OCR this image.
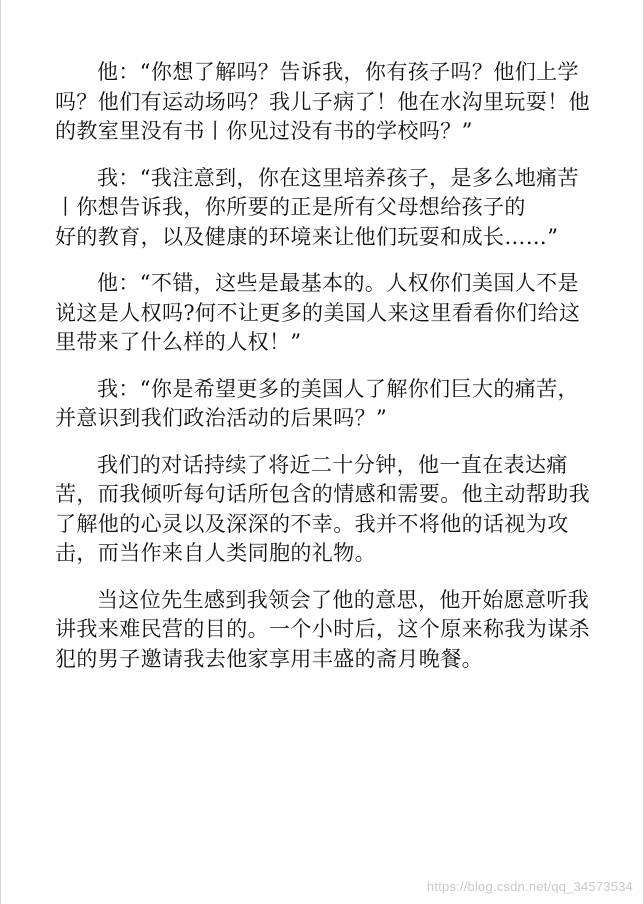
他：“你想了解吗？告诉我，你有孩子吗？他们上学吗？他们有运动场吗？我儿子病了！他在水沟里玩耍！他的教室里没有书丨你见过没有书的学校吗？”

我：“我注意到，你在这里培养孩子，是多么地痛苦丨你想告诉我，你所要的正是所有父母想给孩子的　　　好的教育，以及健康的环境来让他们玩耍和成长……”

他：“不错，这些是最基本的。人权你们美国人不是说这是人权吗?何不让更多的美国人来这里看看你们给这里带来了什么样的人权！”

我：“你是希望更多的美国人了解你们巨大的痛苦，并意识到我们政治活动的后果吗？”

我们的对话持续了将近二十分钟，他一直在表达痛苦，而我倾听每句话所包含的情感和需要。他主动帮助我了解他的心灵以及深深的不幸。我并不将他的话视为攻击，而当作来自人类同胞的礼物。

当这位先生感到我领会了他的意思，他开始愿意听我讲我来难民营的目的。一个小时后，这个原来称我为谋杀犯的男子邀请我去他家享用丰盛的斋月晚餐。

https://blog.csdn.net/qq_34573534
